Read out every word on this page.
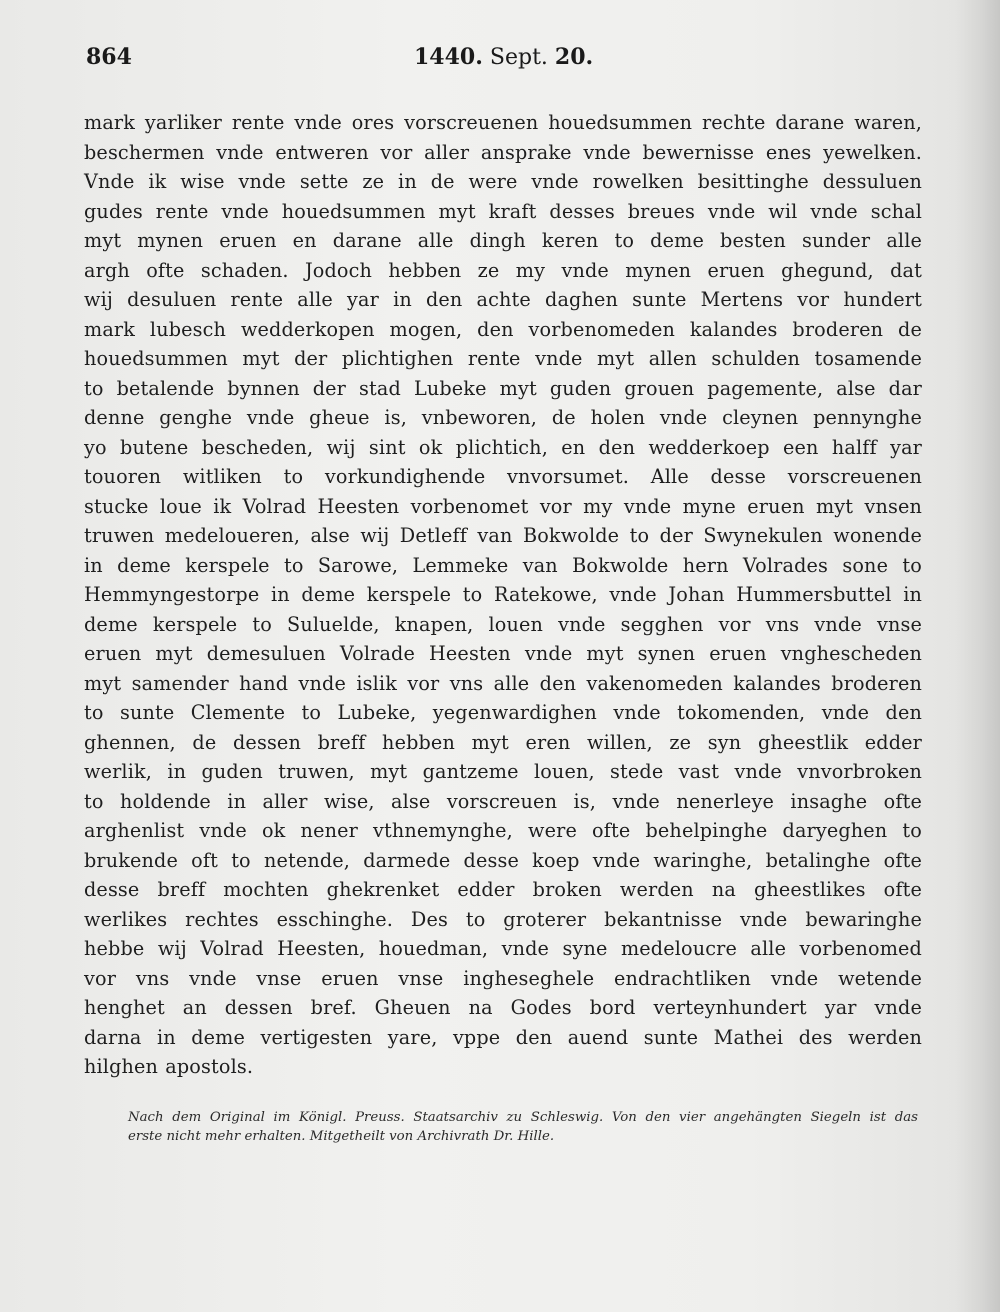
864	1440. Sept. 20.
mark yarliker rente vnde ores vorscreuenen houedsummen rechte darane waren,
beschermen vnde entweren vor aller ansprake vnde bewernisse enes yewelken.
Vnde ik wise vnde sette ze in de were vnde rowelken besittinghe dessuluen
gudes rente vnde houedsummen myt kraft desses breues vnde wil vnde schal
myt mynen eruen en darane alle dingh keren to deme besten sunder alle
argh ofte schaden. Jodoch hebben ze my vnde mynen eruen ghegund, dat
wij desuluen rente alle yar in den achte daghen sunte Mertens vor hundert
mark lubesch wedderkopen mogen, den vorbenomeden kalandes broderen de
houedsummen myt der plichtighen rente vnde myt allen schulden tosamende
to betalende bynnen der stad Lubeke myt guden grouen pagemente, alse dar
denne genghe vnde gheue is, vnbeworen, de holen vnde cleynen pennynghe
yo butene bescheden, wij sint ok plichtich, en den wedderkoep een halff yar
touoren witliken to vorkundighende vnvorsumet. Alle desse vorscreuenen
stucke loue ik Volrad Heesten vorbenomet vor my vnde myne eruen myt vnsen
truwen medeloueren, alse wij Detleff van Bokwolde to der Swynekulen wonende
in deme kerspele to Sarowe, Lemmeke van Bokwolde hern Volrades sone to
Hemmyngestorpe in deme kerspele to Ratekowe, vnde Johan Hummersbuttel in
deme kerspele to Suluelde, knapen, louen vnde segghen vor vns vnde vnse
eruen myt demesuluen Volrade Heesten vnde myt synen eruen vnghescheden
myt samender hand vnde islik vor vns alle den vakenomeden kalandes broderen
to sunte Clemente to Lubeke, yegenwardighen vnde tokomenden, vnde den
ghennen, de dessen breff hebben myt eren willen, ze syn gheestlik edder
werlik, in guden truwen, myt gantzeme louen, stede vast vnde vnvorbroken
to holdende in aller wise, alse vorscreuen is, vnde nenerleye insaghe ofte
arghenlist vnde ok nener vthnemynghe, were ofte behelpinghe daryeghen to
brukende oft to netende, darmede desse koep vnde waringhe, betalinghe ofte
desse breff mochten ghekrenket edder broken werden na gheestlikes ofte
werlikes rechtes esschinghe. Des to groterer bekantnisse vnde bewaringhe
hebbe wij Volrad Heesten, houedman, vnde syne medeloucre alle vorbenomed
vor vns vnde vnse eruen vnse ingheseghele endrachtliken vnde wetende
henghet an dessen bref. Gheuen na Godes bord verteynhundert yar vnde
darna in deme vertigesten yare, vppe den auend sunte Mathei des werden
hilghen apostols.
Nach dem Original im Königl. Preuss. Staatsarchiv zu Schleswig. Von den vier angehängten Siegeln ist das
erste nicht mehr erhalten. Mitgetheilt von Archivrath Dr. Hille.
